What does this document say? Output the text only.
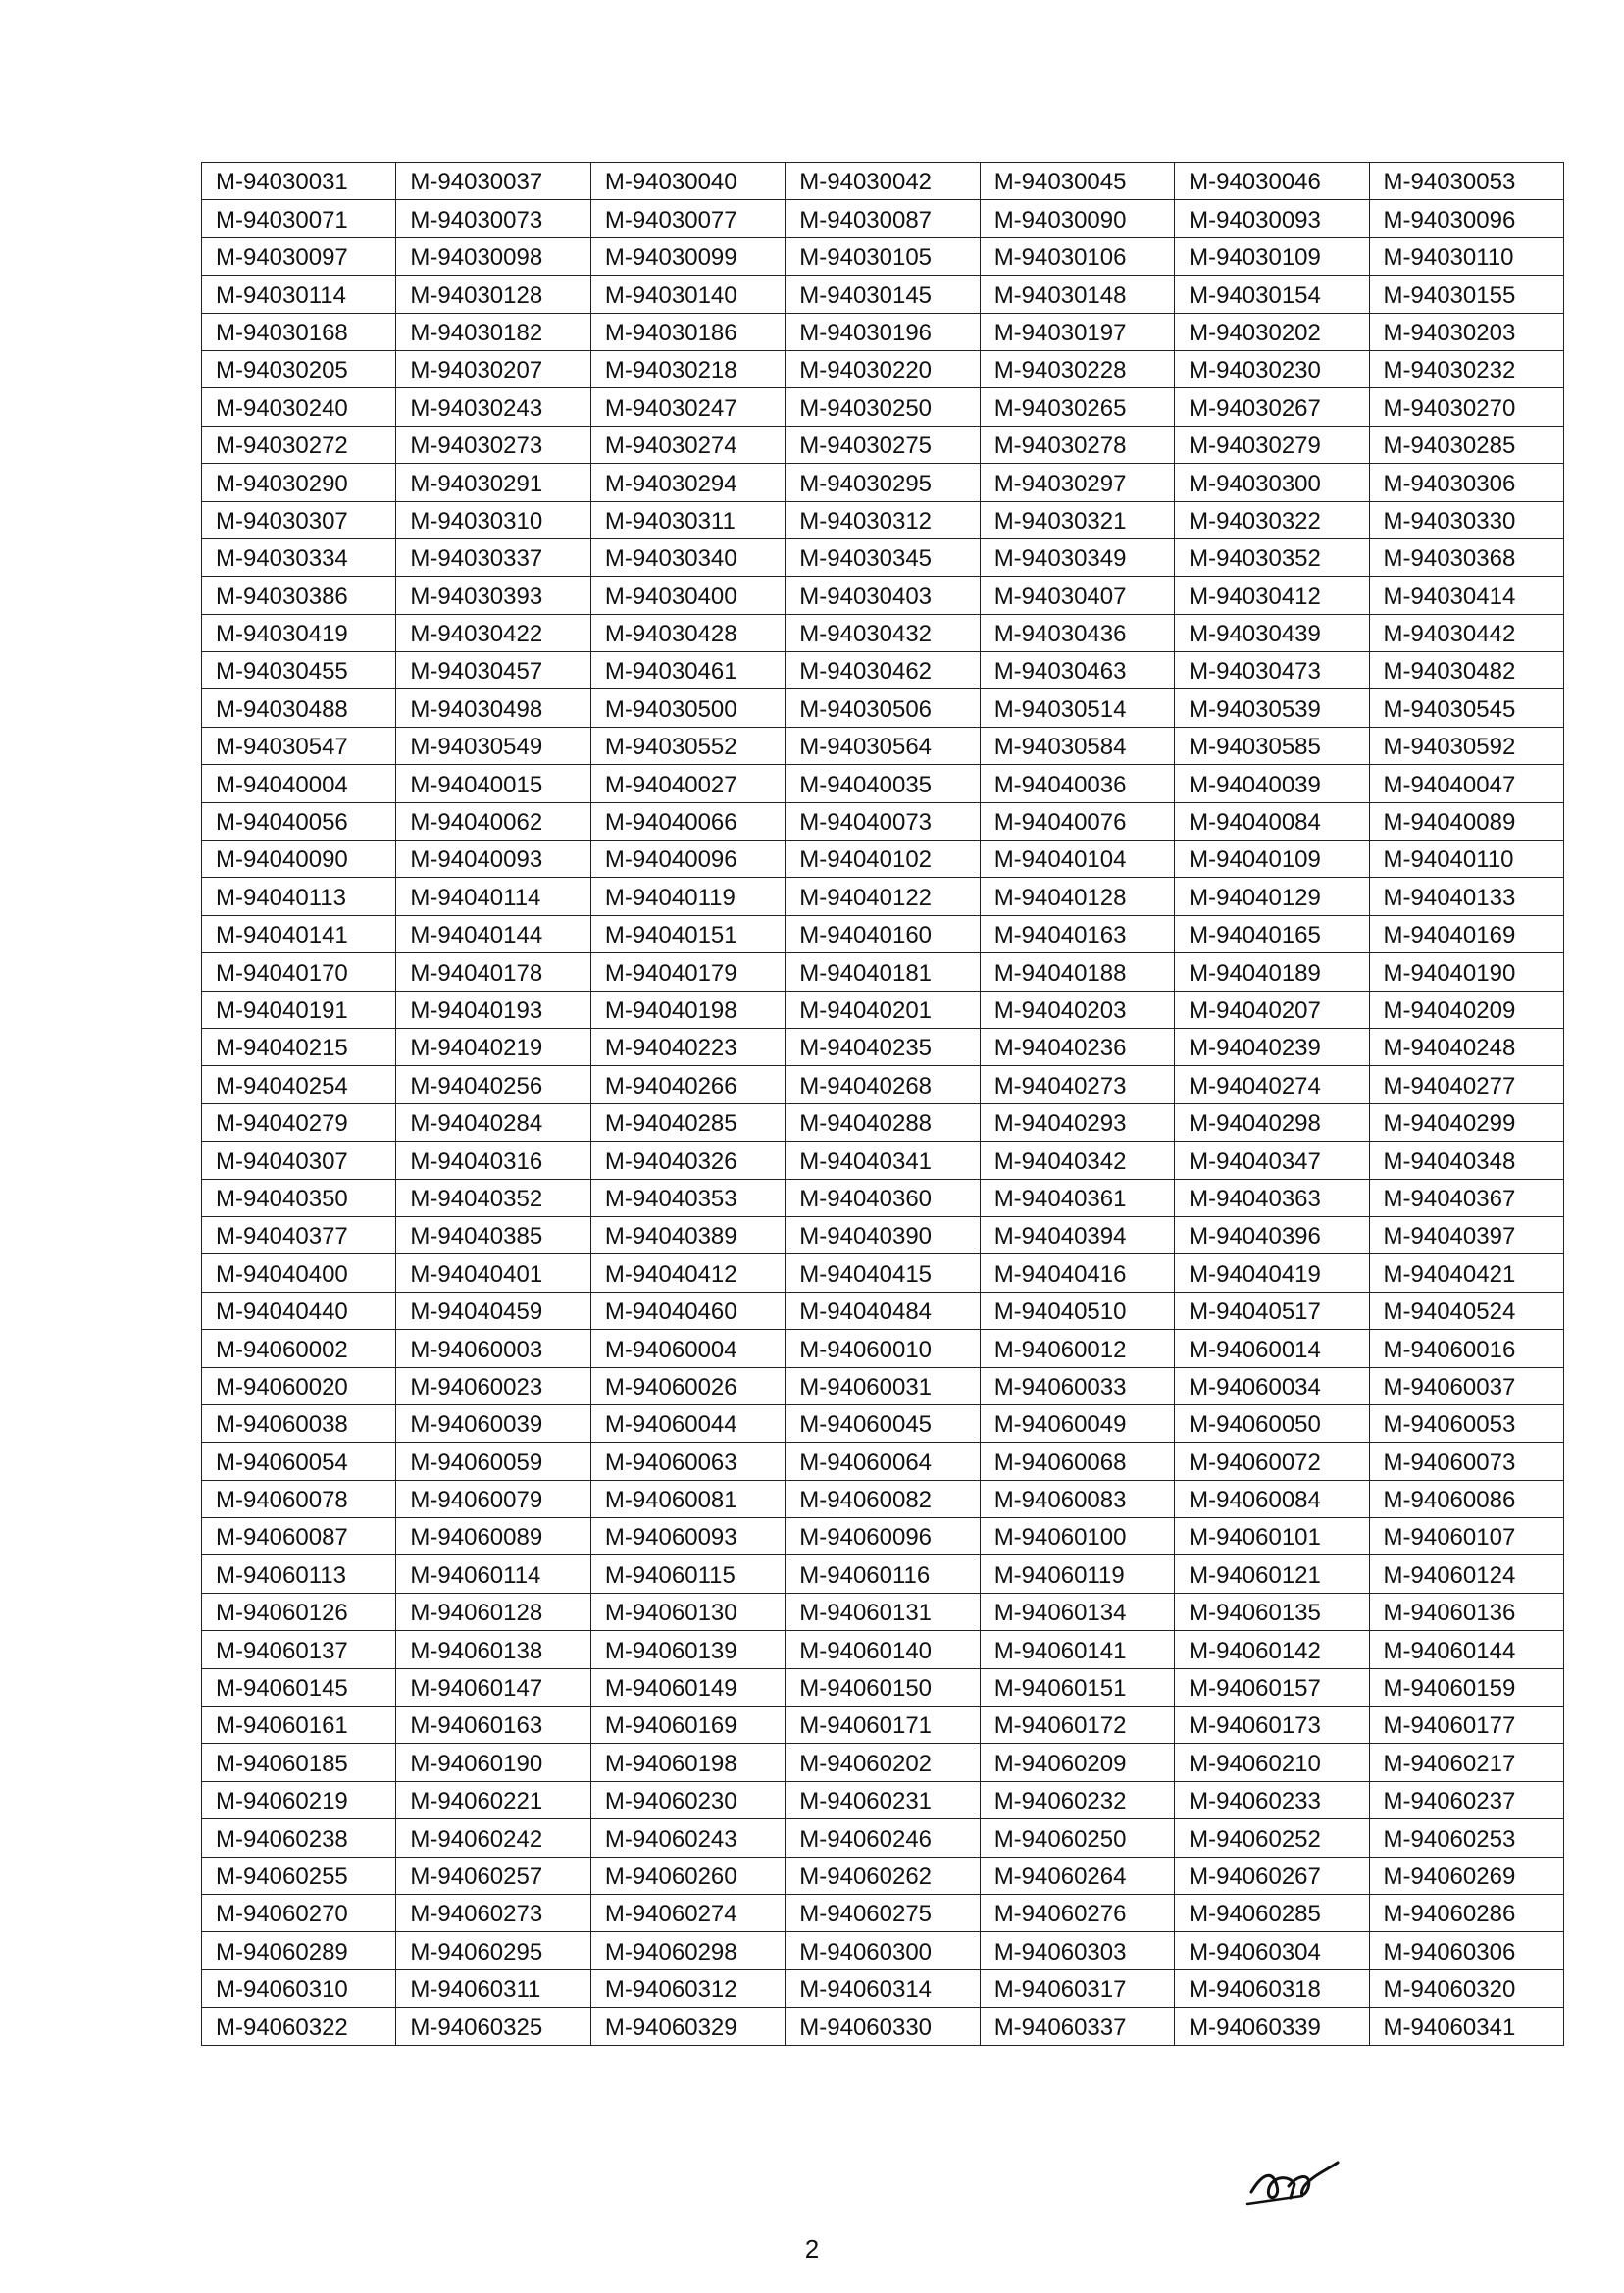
M-94030031	M-94030037	M-94030040	M-94030042	M-94030045	M-94030046	M-94030053
M-94030071	M-94030073	M-94030077	M-94030087	M-94030090	M-94030093	M-94030096
M-94030097	M-94030098	M-94030099	M-94030105	M-94030106	M-94030109	M-94030110
M-94030114	M-94030128	M-94030140	M-94030145	M-94030148	M-94030154	M-94030155
M-94030168	M-94030182	M-94030186	M-94030196	M-94030197	M-94030202	M-94030203
M-94030205	M-94030207	M-94030218	M-94030220	M-94030228	M-94030230	M-94030232
M-94030240	M-94030243	M-94030247	M-94030250	M-94030265	M-94030267	M-94030270
M-94030272	M-94030273	M-94030274	M-94030275	M-94030278	M-94030279	M-94030285
M-94030290	M-94030291	M-94030294	M-94030295	M-94030297	M-94030300	M-94030306
M-94030307	M-94030310	M-94030311	M-94030312	M-94030321	M-94030322	M-94030330
M-94030334	M-94030337	M-94030340	M-94030345	M-94030349	M-94030352	M-94030368
M-94030386	M-94030393	M-94030400	M-94030403	M-94030407	M-94030412	M-94030414
M-94030419	M-94030422	M-94030428	M-94030432	M-94030436	M-94030439	M-94030442
M-94030455	M-94030457	M-94030461	M-94030462	M-94030463	M-94030473	M-94030482
M-94030488	M-94030498	M-94030500	M-94030506	M-94030514	M-94030539	M-94030545
M-94030547	M-94030549	M-94030552	M-94030564	M-94030584	M-94030585	M-94030592
M-94040004	M-94040015	M-94040027	M-94040035	M-94040036	M-94040039	M-94040047
M-94040056	M-94040062	M-94040066	M-94040073	M-94040076	M-94040084	M-94040089
M-94040090	M-94040093	M-94040096	M-94040102	M-94040104	M-94040109	M-94040110
M-94040113	M-94040114	M-94040119	M-94040122	M-94040128	M-94040129	M-94040133
M-94040141	M-94040144	M-94040151	M-94040160	M-94040163	M-94040165	M-94040169
M-94040170	M-94040178	M-94040179	M-94040181	M-94040188	M-94040189	M-94040190
M-94040191	M-94040193	M-94040198	M-94040201	M-94040203	M-94040207	M-94040209
M-94040215	M-94040219	M-94040223	M-94040235	M-94040236	M-94040239	M-94040248
M-94040254	M-94040256	M-94040266	M-94040268	M-94040273	M-94040274	M-94040277
M-94040279	M-94040284	M-94040285	M-94040288	M-94040293	M-94040298	M-94040299
M-94040307	M-94040316	M-94040326	M-94040341	M-94040342	M-94040347	M-94040348
M-94040350	M-94040352	M-94040353	M-94040360	M-94040361	M-94040363	M-94040367
M-94040377	M-94040385	M-94040389	M-94040390	M-94040394	M-94040396	M-94040397
M-94040400	M-94040401	M-94040412	M-94040415	M-94040416	M-94040419	M-94040421
M-94040440	M-94040459	M-94040460	M-94040484	M-94040510	M-94040517	M-94040524
M-94060002	M-94060003	M-94060004	M-94060010	M-94060012	M-94060014	M-94060016
M-94060020	M-94060023	M-94060026	M-94060031	M-94060033	M-94060034	M-94060037
M-94060038	M-94060039	M-94060044	M-94060045	M-94060049	M-94060050	M-94060053
M-94060054	M-94060059	M-94060063	M-94060064	M-94060068	M-94060072	M-94060073
M-94060078	M-94060079	M-94060081	M-94060082	M-94060083	M-94060084	M-94060086
M-94060087	M-94060089	M-94060093	M-94060096	M-94060100	M-94060101	M-94060107
M-94060113	M-94060114	M-94060115	M-94060116	M-94060119	M-94060121	M-94060124
M-94060126	M-94060128	M-94060130	M-94060131	M-94060134	M-94060135	M-94060136
M-94060137	M-94060138	M-94060139	M-94060140	M-94060141	M-94060142	M-94060144
M-94060145	M-94060147	M-94060149	M-94060150	M-94060151	M-94060157	M-94060159
M-94060161	M-94060163	M-94060169	M-94060171	M-94060172	M-94060173	M-94060177
M-94060185	M-94060190	M-94060198	M-94060202	M-94060209	M-94060210	M-94060217
M-94060219	M-94060221	M-94060230	M-94060231	M-94060232	M-94060233	M-94060237
M-94060238	M-94060242	M-94060243	M-94060246	M-94060250	M-94060252	M-94060253
M-94060255	M-94060257	M-94060260	M-94060262	M-94060264	M-94060267	M-94060269
M-94060270	M-94060273	M-94060274	M-94060275	M-94060276	M-94060285	M-94060286
M-94060289	M-94060295	M-94060298	M-94060300	M-94060303	M-94060304	M-94060306
M-94060310	M-94060311	M-94060312	M-94060314	M-94060317	M-94060318	M-94060320
M-94060322	M-94060325	M-94060329	M-94060330	M-94060337	M-94060339	M-94060341
2
